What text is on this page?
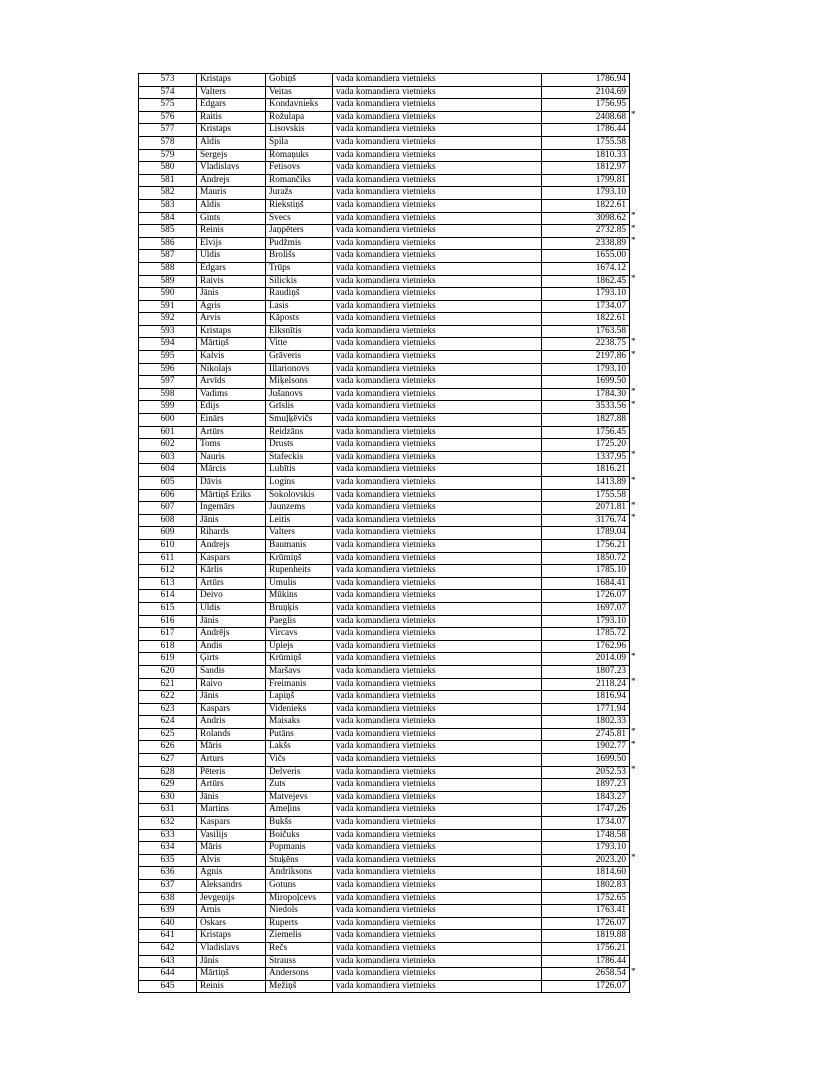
573	Kristaps	Gobiņš	vada komandiera vietnieks	1786.94	
574	Valters	Veitas	vada komandiera vietnieks	2104.69	
575	Edgars	Kondavnieks	vada komandiera vietnieks	1756.95	
576	Raitis	Rožulapa	vada komandiera vietnieks	2408.68	*
577	Kristaps	Lisovskis	vada komandiera vietnieks	1786.44	
578	Aldis	Spila	vada komandiera vietnieks	1755.58	
579	Sergejs	Romaņuks	vada komandiera vietnieks	1810.33	
580	Vladislavs	Fetisovs	vada komandiera vietnieks	1812.97	
581	Andrejs	Romančiks	vada komandiera vietnieks	1799.81	
582	Mauris	Juražs	vada komandiera vietnieks	1793.10	
583	Aldis	Riekstiņš	vada komandiera vietnieks	1822.61	
584	Gints	Švecs	vada komandiera vietnieks	3098.62	*
585	Reinis	Jaņpēters	vada komandiera vietnieks	2732.85	*
586	Elvijs	Pudžmis	vada komandiera vietnieks	2338.89	*
587	Uldis	Brolišs	vada komandiera vietnieks	1655.00	
588	Edgars	Trūps	vada komandiera vietnieks	1674.12	
589	Raivis	Silickis	vada komandiera vietnieks	1862.45	*
590	Jānis	Raudiņš	vada komandiera vietnieks	1793.10	
591	Agris	Lasis	vada komandiera vietnieks	1734.07	
592	Arvis	Kāposts	vada komandiera vietnieks	1822.61	
593	Kristaps	Elksnītis	vada komandiera vietnieks	1763.58	
594	Mārtiņš	Vitte	vada komandiera vietnieks	2238.75	*
595	Kalvis	Grāveris	vada komandiera vietnieks	2197.86	*
596	Nikolajs	Illarionovs	vada komandiera vietnieks	1793.10	
597	Arvīds	Miķelsons	vada komandiera vietnieks	1699.50	
598	Vadims	Jušanovs	vada komandiera vietnieks	1784.30	*
599	Edijs	Grīslis	vada komandiera vietnieks	3533.56	*
600	Einārs	Smuļķēvičs	vada komandiera vietnieks	1827.88	
601	Artūrs	Reidzāns	vada komandiera vietnieks	1756.45	
602	Toms	Drusts	vada komandiera vietnieks	1725.20	
603	Nauris	Stafeckis	vada komandiera vietnieks	1337.95	*
604	Mārcis	Lubītis	vada komandiera vietnieks	1816.21	
605	Dāvis	Logins	vada komandiera vietnieks	1413.89	*
606	Mārtiņš Ēriks	Sokolovskis	vada komandiera vietnieks	1755.58	
607	Ingemārs	Jaunzems	vada komandiera vietnieks	2071.81	*
608	Jānis	Leitis	vada komandiera vietnieks	3176.74	*
609	Rihards	Valters	vada komandiera vietnieks	1789.04	
610	Andrejs	Baumanis	vada komandiera vietnieks	1756.21	
611	Kaspars	Krūmiņš	vada komandiera vietnieks	1850.72	
612	Kārlis	Rupenheits	vada komandiera vietnieks	1785.10	
613	Artūrs	Umulis	vada komandiera vietnieks	1684.41	
614	Deivo	Mūkins	vada komandiera vietnieks	1726.07	
615	Uldis	Bruņķis	vada komandiera vietnieks	1697.07	
616	Jānis	Paeglis	vada komandiera vietnieks	1793.10	
617	Andrējs	Vircavs	vada komandiera vietnieks	1785.72	
618	Andis	Uplejs	vada komandiera vietnieks	1762.96	
619	Ģirts	Krūmiņš	vada komandiera vietnieks	2014.09	*
620	Sandis	Maršavs	vada komandiera vietnieks	1807.23	
621	Raivo	Freimanis	vada komandiera vietnieks	2118.24	*
622	Jānis	Lapiņš	vada komandiera vietnieks	1816.94	
623	Kaspars	Videnieks	vada komandiera vietnieks	1771.94	
624	Andris	Maisaks	vada komandiera vietnieks	1802.33	
625	Rolands	Putāns	vada komandiera vietnieks	2745.81	*
626	Māris	Lakšs	vada komandiera vietnieks	1902.77	*
627	Arturs	Vičs	vada komandiera vietnieks	1699.50	
628	Pēteris	Delveris	vada komandiera vietnieks	2052.53	*
629	Artūrs	Zuts	vada komandiera vietnieks	1897.23	
630	Jānis	Matvejevs	vada komandiera vietnieks	1843.27	
631	Martins	Ameļins	vada komandiera vietnieks	1747.26	
632	Kaspars	Bukšs	vada komandiera vietnieks	1734.07	
633	Vasilijs	Boičuks	vada komandiera vietnieks	1748.58	
634	Māris	Popmanis	vada komandiera vietnieks	1793.10	
635	Alvis	Stuķēns	vada komandiera vietnieks	2023.20	*
636	Agnis	Andriksons	vada komandiera vietnieks	1814.60	
637	Aleksandrs	Gotuns	vada komandiera vietnieks	1802.83	
638	Jevgeņijs	Miropoļcevs	vada komandiera vietnieks	1752.65	
639	Arnis	Niedols	vada komandiera vietnieks	1763.41	
640	Oskars	Ruperts	vada komandiera vietnieks	1726.07	
641	Kristaps	Ziemelis	vada komandiera vietnieks	1819.88	
642	Vladislavs	Rečs	vada komandiera vietnieks	1756.21	
643	Jānis	Štrauss	vada komandiera vietnieks	1786.44	
644	Mārtiņš	Andersons	vada komandiera vietnieks	2658.54	*
645	Reinis	Mežiņš	vada komandiera vietnieks	1726.07	
